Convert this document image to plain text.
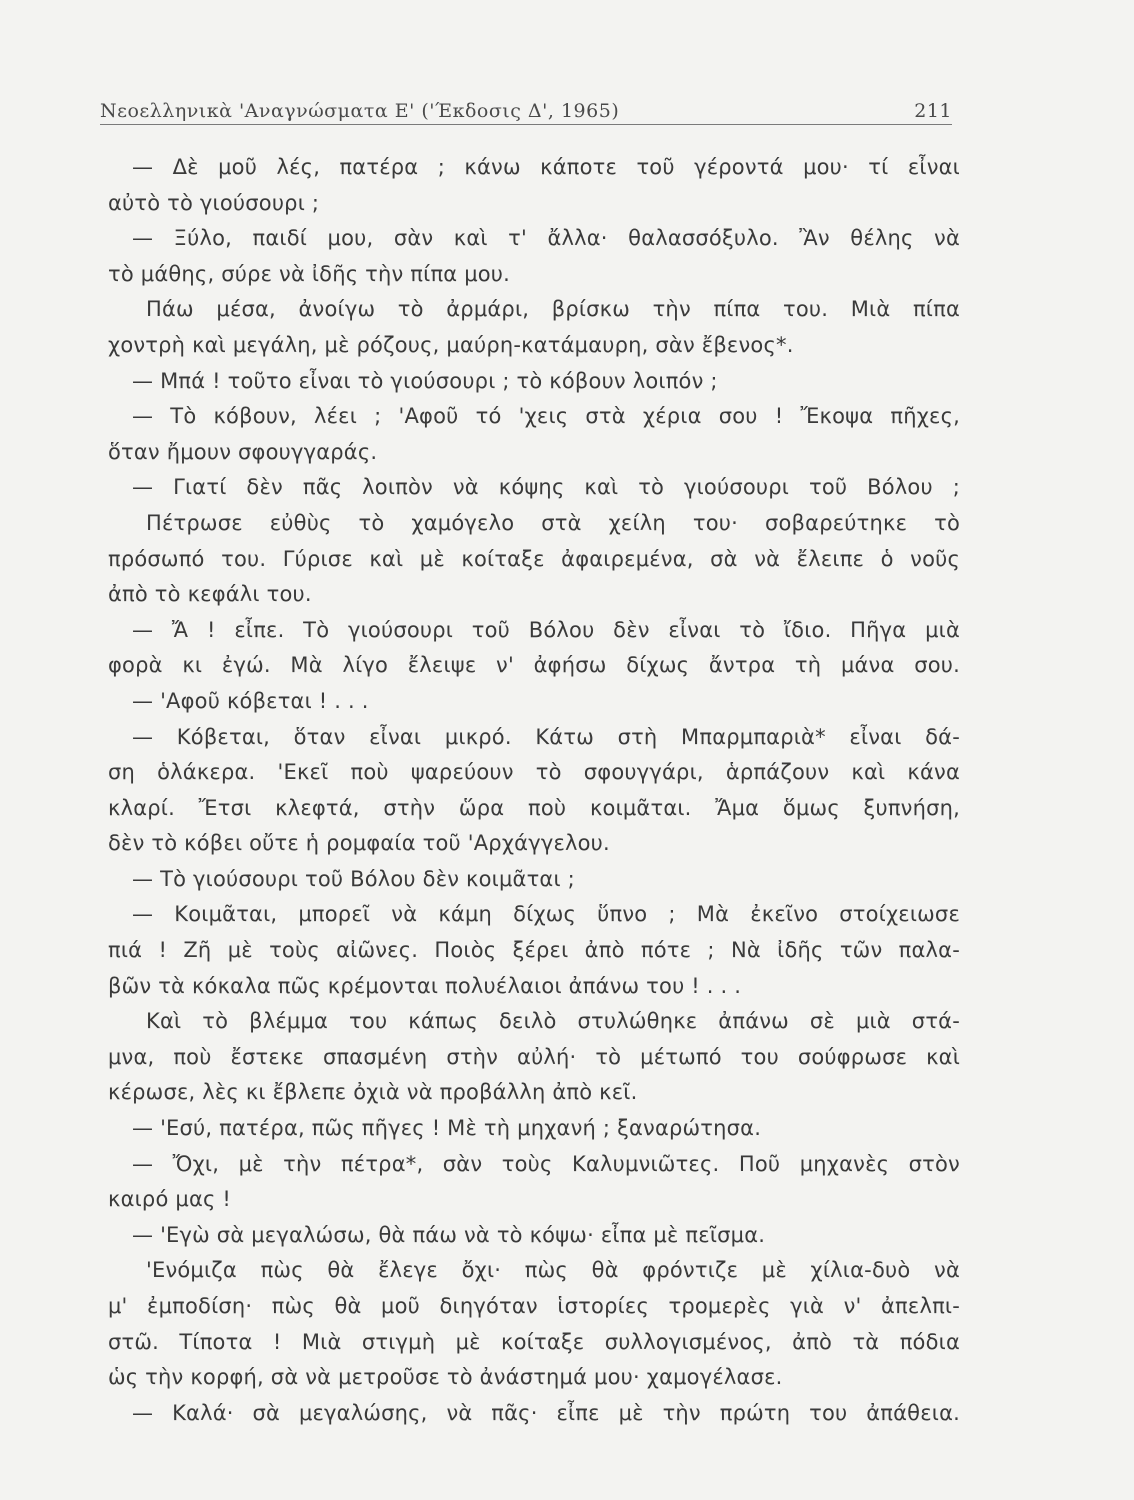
Νεοελληνικὰ 'Αναγνώσματα Ε' ('Έκδοσις Δ', 1965)	211
— Δὲ μοῦ λές, πατέρα ; κάνω κάποτε τοῦ γέροντά μου· τί εἶναι
αὐτὸ τὸ γιούσουρι ;
— Ξύλο, παιδί μου, σὰν καὶ τ' ἄλλα· θαλασσόξυλο. Ἂν θέλης νὰ
τὸ μάθης, σύρε νὰ ἰδῆς τὴν πίπα μου.
Πάω μέσα, ἀνοίγω τὸ ἀρμάρι, βρίσκω τὴν πίπα του. Μιὰ πίπα
χοντρὴ καὶ μεγάλη, μὲ ρόζους, μαύρη-κατάμαυρη, σὰν ἔβενος*.
— Μπά ! τοῦτο εἶναι τὸ γιούσουρι ; τὸ κόβουν λοιπόν ;
— Τὸ κόβουν, λέει ; 'Αφοῦ τό 'χεις στὰ χέρια σου ! Ἔκοψα πῆχες,
ὅταν ἤμουν σφουγγαράς.
— Γιατί δὲν πᾶς λοιπὸν νὰ κόψης καὶ τὸ γιούσουρι τοῦ Βόλου ;
Πέτρωσε εὐθὺς τὸ χαμόγελο στὰ χείλη του· σοβαρεύτηκε τὸ
πρόσωπό του. Γύρισε καὶ μὲ κοίταξε ἀφαιρεμένα, σὰ νὰ ἔλειπε ὁ νοῦς
ἀπὸ τὸ κεφάλι του.
— Ἄ ! εἶπε. Τὸ γιούσουρι τοῦ Βόλου δὲν εἶναι τὸ ἴδιο. Πῆγα μιὰ
φορὰ κι ἐγώ. Μὰ λίγο ἔλειψε ν' ἀφήσω δίχως ἄντρα τὴ μάνα σου.
— 'Αφοῦ κόβεται ! . . .
— Κόβεται, ὅταν εἶναι μικρό. Κάτω στὴ Μπαρμπαριὰ* εἶναι δά-
ση ὁλάκερα. 'Εκεῖ ποὺ ψαρεύουν τὸ σφουγγάρι, ἁρπάζουν καὶ κάνα
κλαρί. Ἔτσι κλεφτά, στὴν ὥρα ποὺ κοιμᾶται. Ἄμα ὅμως ξυπνήση,
δὲν τὸ κόβει οὔτε ἡ ρομφαία τοῦ 'Αρχάγγελου.
— Τὸ γιούσουρι τοῦ Βόλου δὲν κοιμᾶται ;
— Κοιμᾶται, μπορεῖ νὰ κάμη δίχως ὕπνο ; Μὰ ἐκεῖνο στοίχειωσε
πιά ! Ζῆ μὲ τοὺς αἰῶνες. Ποιὸς ξέρει ἀπὸ πότε ; Νὰ ἰδῆς τῶν παλα-
βῶν τὰ κόκαλα πῶς κρέμονται πολυέλαιοι ἀπάνω του ! . . .
Καὶ τὸ βλέμμα του κάπως δειλὸ στυλώθηκε ἀπάνω σὲ μιὰ στά-
μνα, ποὺ ἔστεκε σπασμένη στὴν αὐλή· τὸ μέτωπό του σούφρωσε καὶ
κέρωσε, λὲς κι ἔβλεπε ὀχιὰ νὰ προβάλλη ἀπὸ κεῖ.
— 'Εσύ, πατέρα, πῶς πῆγες ! Μὲ τὴ μηχανή ; ξαναρώτησα.
— Ὄχι, μὲ τὴν πέτρα*, σὰν τοὺς Καλυμνιῶτες. Ποῦ μηχανὲς στὸν
καιρό μας !
— 'Εγὼ σὰ μεγαλώσω, θὰ πάω νὰ τὸ κόψω· εἶπα μὲ πεῖσμα.
'Ενόμιζα πὼς θὰ ἔλεγε ὄχι· πὼς θὰ φρόντιζε μὲ χίλια-δυὸ νὰ
μ' ἐμποδίση· πὼς θὰ μοῦ διηγόταν ἱστορίες τρομερὲς γιὰ ν' ἀπελπι-
στῶ. Τίποτα ! Μιὰ στιγμὴ μὲ κοίταξε συλλογισμένος, ἀπὸ τὰ πόδια
ὡς τὴν κορφή, σὰ νὰ μετροῦσε τὸ ἀνάστημά μου· χαμογέλασε.
— Καλά· σὰ μεγαλώσης, νὰ πᾶς· εἶπε μὲ τὴν πρώτη του ἀπάθεια.
